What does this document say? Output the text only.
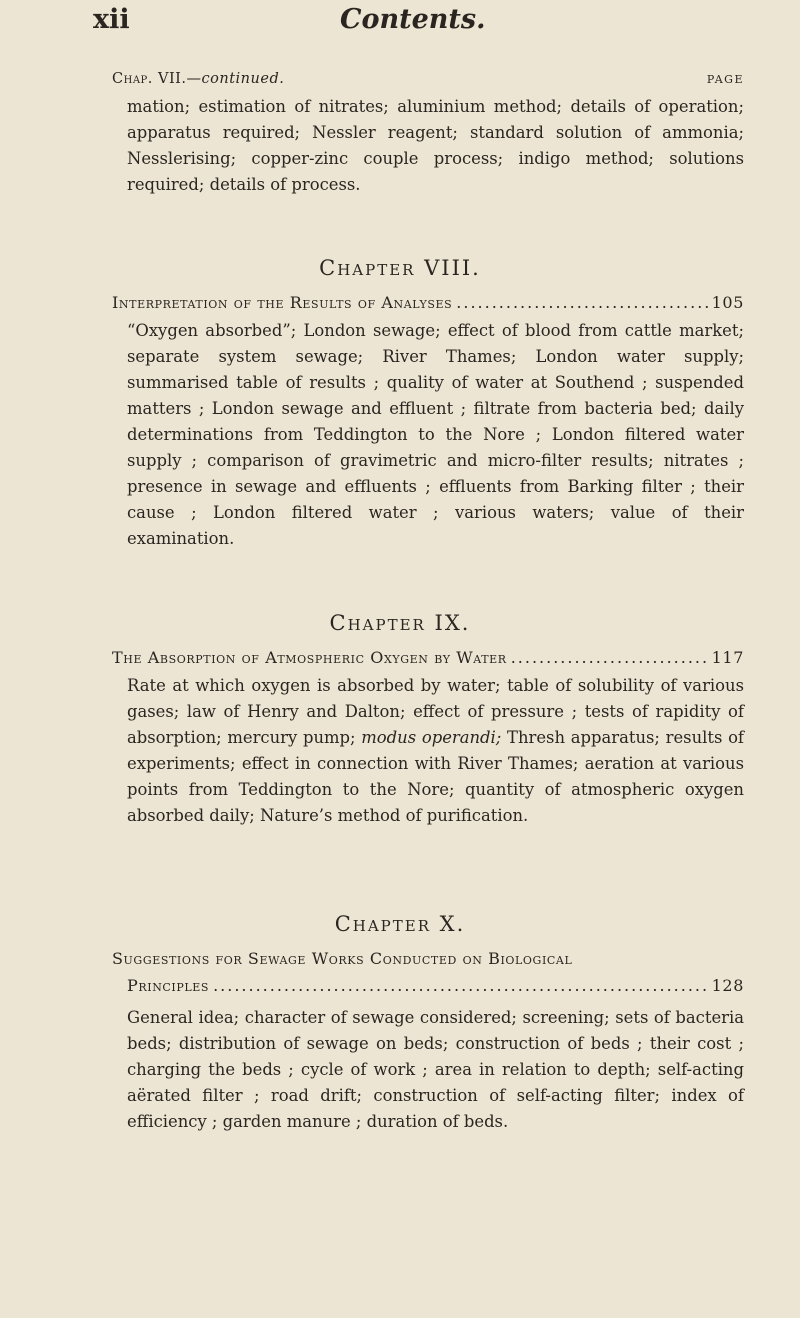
xii	Contents.
Chap. VII.—continued.	PAGE

mation; estimation of nitrates; aluminium method; details of operation; apparatus required; Nessler reagent; standard solution of ammonia; Nesslerising; copper-zinc couple process; indigo method; solutions required; details of process.

Chapter VIII.
Interpretation of the Results of Analyses .....	105

“Oxygen absorbed”; London sewage; effect of blood from cattle market; separate system sewage; River Thames; London water supply; summarised table of results ; quality of water at Southend ; suspended matters ; London sewage and effluent ; filtrate from bacteria bed; daily determinations from Teddington to the Nore ; London filtered water supply ; comparison of gravimetric and micro-filter results; nitrates ; presence in sewage and effluents ; effluents from Barking filter ; their cause ; London filtered water ; various waters; value of their examination.

Chapter IX.
The Absorption of Atmospheric Oxygen by Water .....	117

Rate at which oxygen is absorbed by water; table of solubility of various gases; law of Henry and Dalton; effect of pressure ; tests of rapidity of absorption; mercury pump; modus operandi; Thresh apparatus; results of experiments; effect in connection with River Thames; aeration at various points from Teddington to the Nore; quantity of atmospheric oxygen absorbed daily; Nature’s method of purification.

Chapter X.
Suggestions for Sewage Works Conducted on Biological
Principles .....	128

General idea; character of sewage considered; screening; sets of bacteria beds; distribution of sewage on beds; construction of beds ; their cost ; charging the beds ; cycle of work ; area in relation to depth; self-acting aërated filter ; road drift; construction of self-acting filter; index of efficiency ; garden manure ; duration of beds.
